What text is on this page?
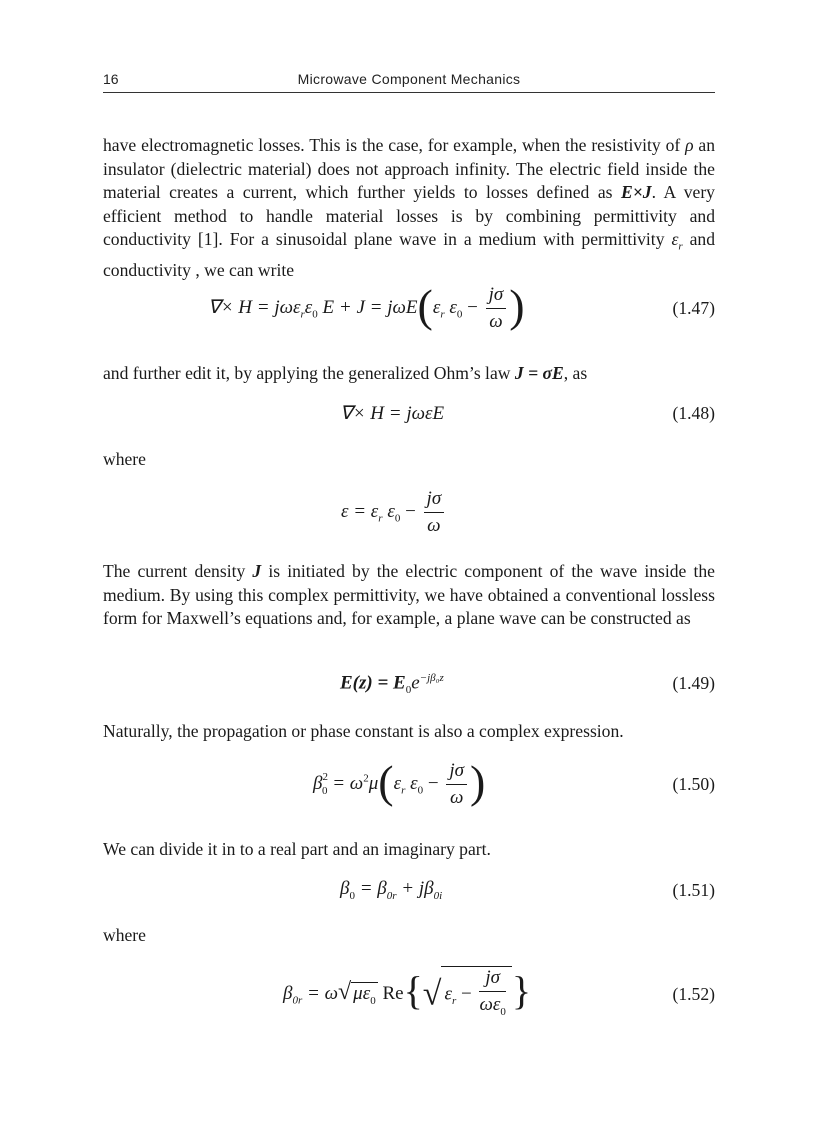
16	Microwave Component Mechanics
have electromagnetic losses. This is the case, for example, when the resistivity of ρ an insulator (dielectric material) does not approach infinity. The electric field inside the material creates a current, which further yields to losses defined as E×J. A very efficient method to handle material losses is by combining permittivity and conductivity [1]. For a sinusoidal plane wave in a medium with permittivity $\varepsilon_r$ and conductivity , we can write
∇× $H = j\omega\varepsilon_r\varepsilon_0$ $E + J = j\omega E(\varepsilon_r$ $\varepsilon_0 - \frac{j\sigma}{\omega}$ )	(1.47)
and further edit it, by applying the generalized Ohm’s law J = σE, as
∇× H = jωεE	(1.48)
where
$\varepsilon = \varepsilon_r$ $\varepsilon_0 - \frac{j\sigma}{\omega}$
The current density J is initiated by the electric component of the wave inside the medium. By using this complex permittivity, we have obtained a conventional lossless form for Maxwell’s equations and, for example, a plane wave can be constructed as
$E(z) = E_0e^{-j\beta_0z}$	(1.49)
Naturally, the propagation or phase constant is also a complex expression.
$\beta^2_0 = \omega^2\mu(\varepsilon_r$ $\varepsilon_0 - \frac{j\sigma}{\omega}$ )	(1.50)
We can divide it in to a real part and an imaginary part.
$\beta_0 = \beta_{0r} + j\beta_{0i}$	(1.51)
where
$\beta_{0r} = \omega√$ $\mu\varepsilon_0$ Re{√ $\varepsilon_r - \frac{j\sigma}{\omega\varepsilon_0}$ }	(1.52)
